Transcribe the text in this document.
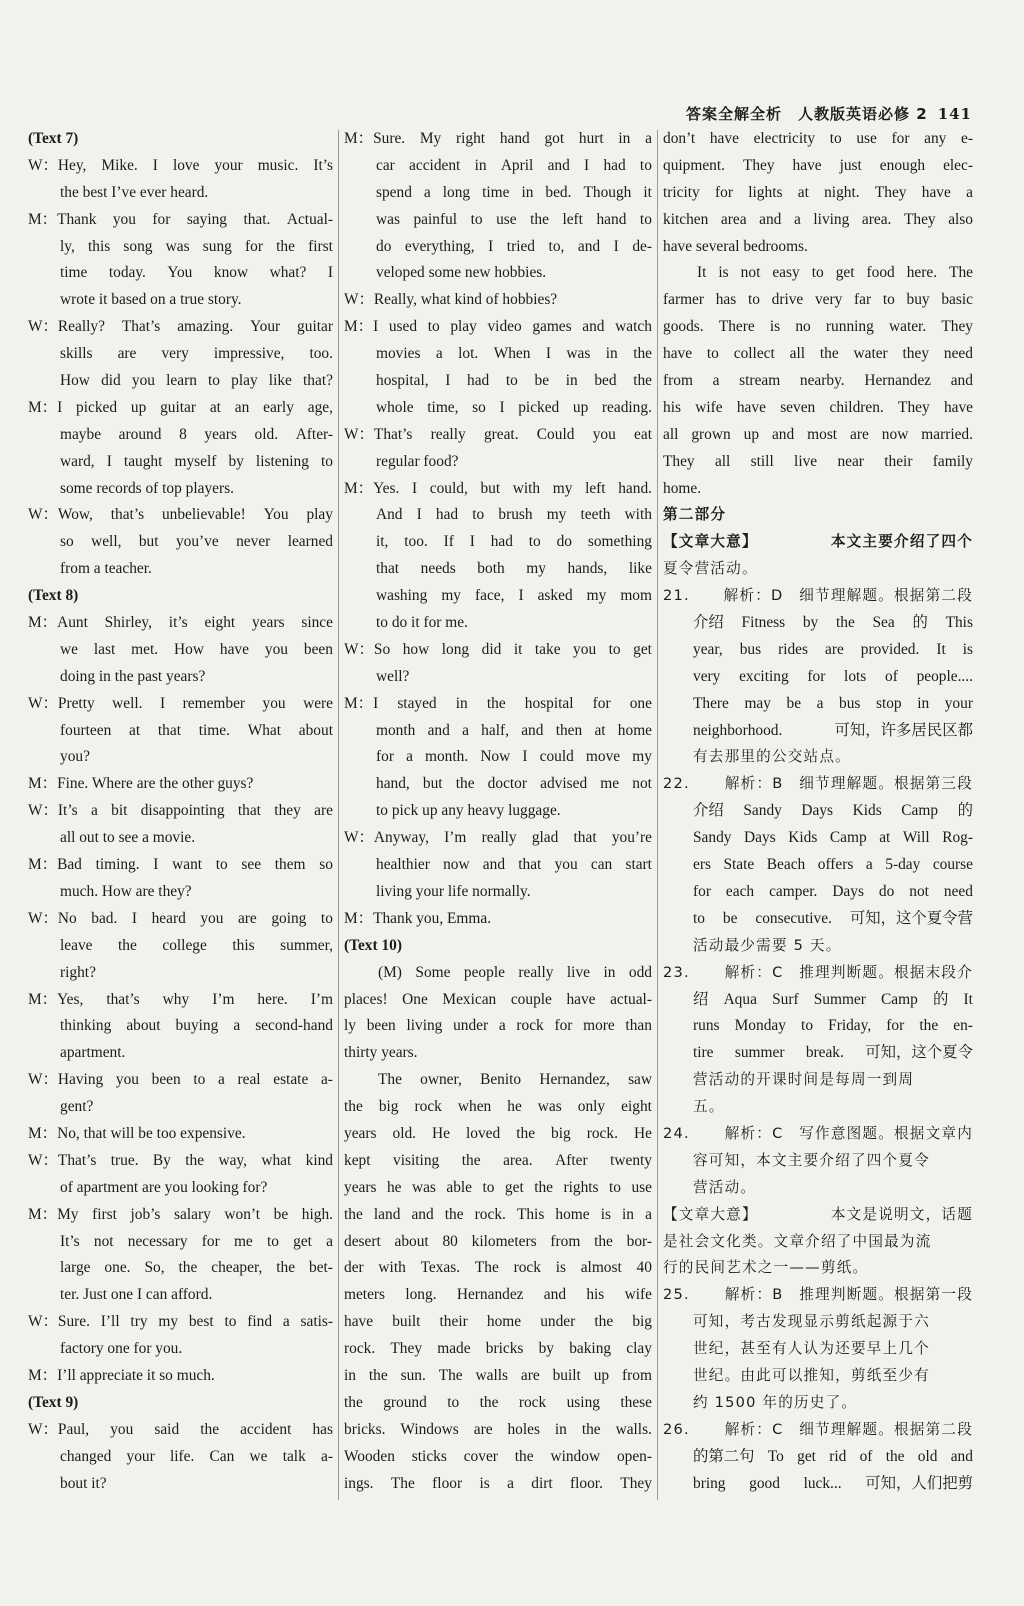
答案全解全析　人教版英语必修 2 141
(Text 7)
W：Hey, Mike. I love your music. It’s
the best I’ve ever heard.
M：Thank you for saying that. Actual-
ly, this song was sung for the first
time today. You know what? I
wrote it based on a true story.
W：Really? That’s amazing. Your guitar
skills are very impressive, too.
How did you learn to play like that?
M：I picked up guitar at an early age,
maybe around 8 years old. After-
ward, I taught myself by listening to
some records of top players.
W：Wow, that’s unbelievable! You play
so well, but you’ve never learned
from a teacher.
(Text 8)
M：Aunt Shirley, it’s eight years since
we last met. How have you been
doing in the past years?
W：Pretty well. I remember you were
fourteen at that time. What about
you?
M：Fine. Where are the other guys?
W：It’s a bit disappointing that they are
all out to see a movie.
M：Bad timing. I want to see them so
much. How are they?
W：No bad. I heard you are going to
leave the college this summer,
right?
M：Yes, that’s why I’m here. I’m
thinking about buying a second-hand
apartment.
W：Having you been to a real estate a-
gent?
M：No, that will be too expensive.
W：That’s true. By the way, what kind
of apartment are you looking for?
M：My first job’s salary won’t be high.
It’s not necessary for me to get a
large one. So, the cheaper, the bet-
ter. Just one I can afford.
W：Sure. I’ll try my best to find a satis-
factory one for you.
M：I’ll appreciate it so much.
(Text 9)
W：Paul, you said the accident has
changed your life. Can we talk a-
bout it?
M：Sure. My right hand got hurt in a
car accident in April and I had to
spend a long time in bed. Though it
was painful to use the left hand to
do everything, I tried to, and I de-
veloped some new hobbies.
W：Really, what kind of hobbies?
M：I used to play video games and watch
movies a lot. When I was in the
hospital, I had to be in bed the
whole time, so I picked up reading.
W：That’s really great. Could you eat
regular food?
M：Yes. I could, but with my left hand.
And I had to brush my teeth with
it, too. If I had to do something
that needs both my hands, like
washing my face, I asked my mom
to do it for me.
W：So how long did it take you to get
well?
M：I stayed in the hospital for one
month and a half, and then at home
for a month. Now I could move my
hand, but the doctor advised me not
to pick up any heavy luggage.
W：Anyway, I’m really glad that you’re
healthier now and that you can start
living your life normally.
M：Thank you, Emma.
(Text 10)
(M) Some people really live in odd
places! One Mexican couple have actual-
ly been living under a rock for more than
thirty years.
The owner, Benito Hernandez, saw
the big rock when he was only eight
years old. He loved the big rock. He
kept visiting the area. After twenty
years he was able to get the rights to use
the land and the rock. This home is in a
desert about 80 kilometers from the bor-
der with Texas. The rock is almost 40
meters long. Hernandez and his wife
have built their home under the big
rock. They made bricks by baking clay
in the sun. The walls are built up from
the ground to the rock using these
bricks. Windows are holes in the walls.
Wooden sticks cover the window open-
ings. The floor is a dirt floor. They
don’t have electricity to use for any e-
quipment. They have just enough elec-
tricity for lights at night. They have a
kitchen area and a living area. They also
have several bedrooms.
It is not easy to get food here. The
farmer has to drive very far to buy basic
goods. There is no running water. They
have to collect all the water they need
from a stream nearby. Hernandez and
his wife have seven children. They have
all grown up and most are now married.
They all still live near their family
home.
第二部分
【文章大意】	本文主要介绍了四个
夏令营活动。
21. 解析：D　细节理解题。根据第二段
介绍 Fitness by the Sea 的 This
year, bus rides are provided. It is
very exciting for lots of people....
There may be a bus stop in your
neighborhood.	可知，许多居民区都
有去那里的公交站点。
22. 解析：B　细节理解题。根据第三段
介绍 Sandy Days Kids Camp 的
Sandy Days Kids Camp at Will Rog-
ers State Beach offers a 5-day course
for each camper. Days do not need
to be consecutive. 可知，这个夏令营
活动最少需要 5 天。
23. 解析：C　推理判断题。根据末段介
绍 Aqua Surf Summer Camp 的 It
runs Monday to Friday, for the en-
tire summer break. 可知，这个夏令
营活动的开课时间是每周一到周
五。
24. 解析：C　写作意图题。根据文章内
容可知，本文主要介绍了四个夏令
营活动。
【文章大意】	本文是说明文，话题
是社会文化类。文章介绍了中国最为流
行的民间艺术之一——剪纸。
25. 解析：B　推理判断题。根据第一段
可知，考古发现显示剪纸起源于六
世纪，甚至有人认为还要早上几个
世纪。由此可以推知，剪纸至少有
约 1500 年的历史了。
26. 解析：C　细节理解题。根据第二段
的第二句 To get rid of the old and
bring good luck... 可知，人们把剪
